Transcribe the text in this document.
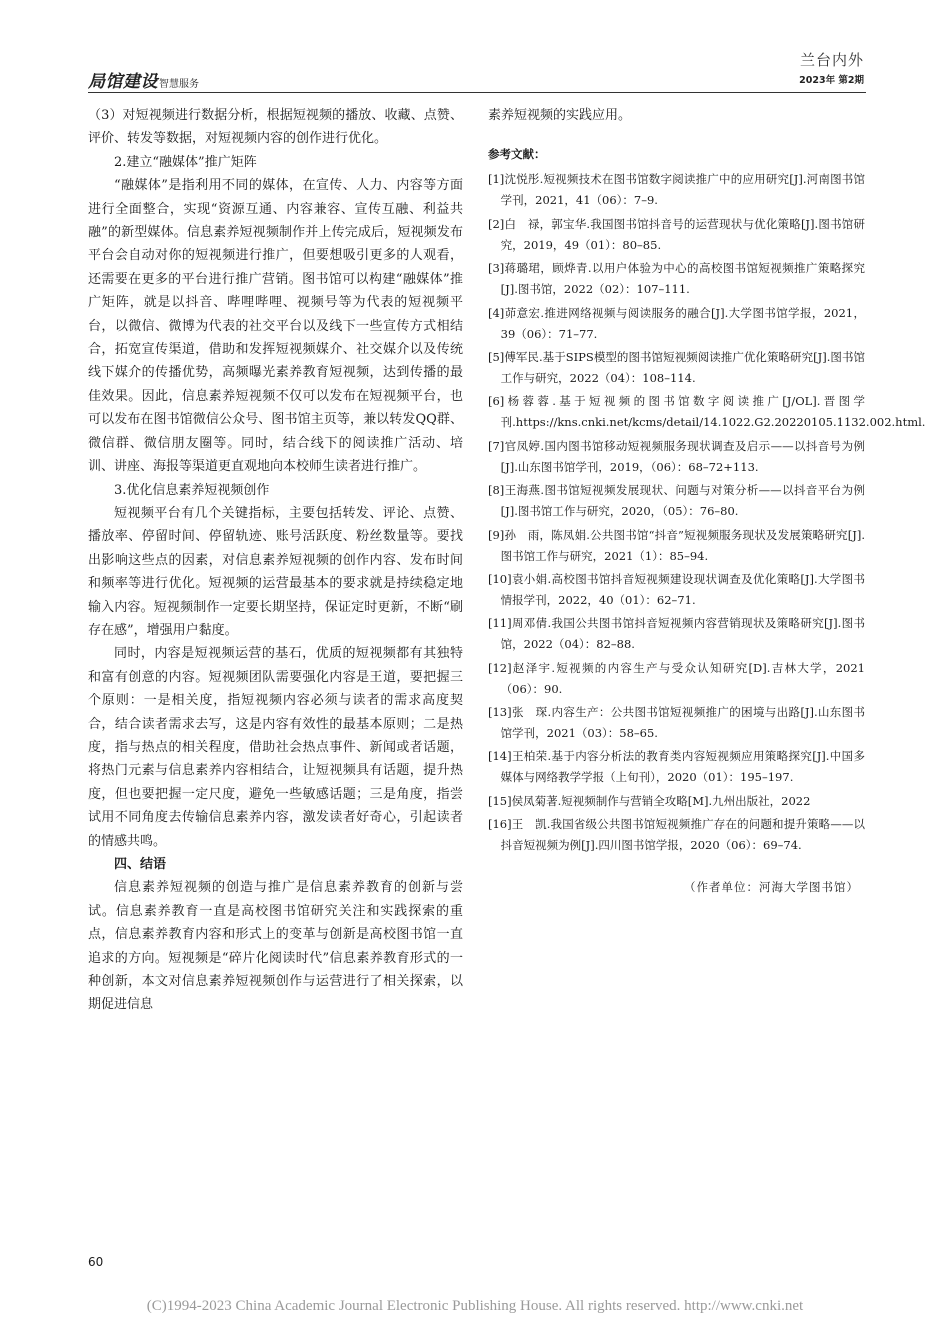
局馆建设 智慧服务
兰台内外
2023年 第2期

（3）对短视频进行数据分析，根据短视频的播放、收藏、点赞、评价、转发等数据，对短视频内容的创作进行优化。

2.建立“融媒体”推广矩阵

“融媒体”是指利用不同的媒体，在宣传、人力、内容等方面进行全面整合，实现“资源互通、内容兼容、宣传互融、利益共融”的新型媒体。信息素养短视频制作并上传完成后，短视频发布平台会自动对你的短视频进行推广，但要想吸引更多的人观看，还需要在更多的平台进行推广营销。图书馆可以构建“融媒体”推广矩阵，就是以抖音、哔哩哔哩、视频号等为代表的短视频平台，以微信、微博为代表的社交平台以及线下一些宣传方式相结合，拓宽宣传渠道，借助和发挥短视频媒介、社交媒介以及传统线下媒介的传播优势，高频曝光素养教育短视频，达到传播的最佳效果。因此，信息素养短视频不仅可以发布在短视频平台，也可以发布在图书馆微信公众号、图书馆主页等，兼以转发QQ群、微信群、微信朋友圈等。同时，结合线下的阅读推广活动、培训、讲座、海报等渠道更直观地向本校师生读者进行推广。

3.优化信息素养短视频创作

短视频平台有几个关键指标，主要包括转发、评论、点赞、播放率、停留时间、停留轨迹、账号活跃度、粉丝数量等。要找出影响这些点的因素，对信息素养短视频的创作内容、发布时间和频率等进行优化。短视频的运营最基本的要求就是持续稳定地输入内容。短视频制作一定要长期坚持，保证定时更新，不断“刷存在感”，增强用户黏度。

同时，内容是短视频运营的基石，优质的短视频都有其独特和富有创意的内容。短视频团队需要强化内容是王道，要把握三个原则：一是相关度，指短视频内容必须与读者的需求高度契合，结合读者需求去写，这是内容有效性的最基本原则；二是热度，指与热点的相关程度，借助社会热点事件、新闻或者话题，将热门元素与信息素养内容相结合，让短视频具有话题，提升热度，但也要把握一定尺度，避免一些敏感话题；三是角度，指尝试用不同角度去传输信息素养内容，激发读者好奇心，引起读者的情感共鸣。

四、结语

信息素养短视频的创造与推广是信息素养教育的创新与尝试。信息素养教育一直是高校图书馆研究关注和实践探索的重点，信息素养教育内容和形式上的变革与创新是高校图书馆一直追求的方向。短视频是“碎片化阅读时代”信息素养教育形式的一种创新，本文对信息素养短视频创作与运营进行了相关探索，以期促进信息

素养短视频的实践应用。

参考文献：
[1]沈悦彤.短视频技术在图书馆数字阅读推广中的应用研究[J].河南图书馆学刊，2021，41（06）：7–9.
[2]白　禄，郭宝华.我国图书馆抖音号的运营现状与优化策略[J].图书馆研究，2019，49（01）：80–85.
[3]蒋璐珺，顾烨青.以用户体验为中心的高校图书馆短视频推广策略探究[J].图书馆，2022（02）：107–111.
[4]茆意宏.推进网络视频与阅读服务的融合[J].大学图书馆学报，2021，39（06）：71–77.
[5]傅军民.基于SIPS模型的图书馆短视频阅读推广优化策略研究[J].图书馆工作与研究，2022（04）：108–114.
[6]杨蓉蓉.基于短视频的图书馆数字阅读推广[J/OL].晋图学刊.https://kns.cnki.net/kcms/detail/14.1022.G2.20220105.1132.002.html.
[7]官凤婷.国内图书馆移动短视频服务现状调查及启示——以抖音号为例[J].山东图书馆学刊，2019，（06）：68–72+113.
[8]王海燕.图书馆短视频发展现状、问题与对策分析——以抖音平台为例[J].图书馆工作与研究，2020，（05）：76–80.
[9]孙　雨，陈凤娟.公共图书馆“抖音”短视频服务现状及发展策略研究[J]. 图书馆工作与研究，2021（1）：85–94.
[10]袁小娟.高校图书馆抖音短视频建设现状调查及优化策略[J].大学图书情报学刊，2022，40（01）：62–71.
[11]周邓倩.我国公共图书馆抖音短视频内容营销现状及策略研究[J].图书馆，2022（04）：82–88.
[12]赵泽宇.短视频的内容生产与受众认知研究[D].吉林大学，2021（06）：90.
[13]张　琛.内容生产：公共图书馆短视频推广的困境与出路[J].山东图书馆学刊，2021（03）：58–65.
[14]王柏荣.基于内容分析法的教育类内容短视频应用策略探究[J].中国多媒体与网络教学学报（上旬刊），2020（01）：195–197.
[15]侯凤菊著.短视频制作与营销全攻略[M].九州出版社，2022
[16]王　凯.我国省级公共图书馆短视频推广存在的问题和提升策略——以抖音短视频为例[J].四川图书馆学报，2020（06）：69–74.
（作者单位：河海大学图书馆）
60
(C)1994-2023 China Academic Journal Electronic Publishing House. All rights reserved. http://www.cnki.net
